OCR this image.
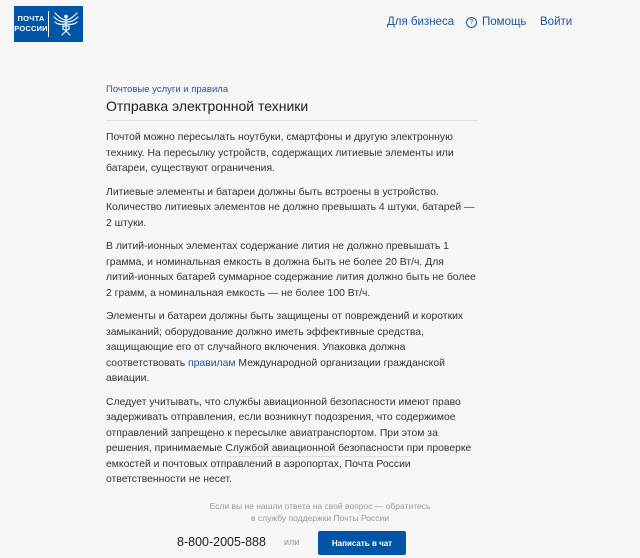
ПОЧТА
РОССИИ
Для бизнеса	? Помощь Войти

Почтовые услуги и правила

Отправка электронной техники

Почтой можно пересылать ноутбуки, смартфоны и другую электронную технику. На пересылку устройств, содержащих литиевые элементы или батареи, существуют ограничения.

Литиевые элементы и батареи должны быть встроены в устройство. Количество литиевых элементов не должно превышать 4 штуки, батарей — 2 штуки.

В литий-ионных элементах содержание лития не должно превышать 1 грамма, и номинальная емкость в должна быть не более 20 Вт/ч. Для литий-ионных батарей суммарное содержание лития должно быть не более 2 грамм, а номинальная емкость — не более 100 Вт/ч.

Элементы и батареи должны быть защищены от повреждений и коротких замыканий; оборудование должно иметь эффективные средства, защищающие его от случайного включения. Упаковка должна соответствовать правилам Международной организации гражданской авиации.

Следует учитывать, что службы авиационной безопасности имеют право задерживать отправления, если возникнут подозрения, что содержимое отправлений запрещено к пересылке авиатранспортом. При этом за решения, принимаемые Службой авиационной безопасности при проверке емкостей и почтовых отправлений в аэропортах, Почта России ответственности не несет.

Если вы не нашли ответа на свой вопрос — обратитесь
в службу поддержки Почты России
8-800-2005-888 или	Написать в чат
